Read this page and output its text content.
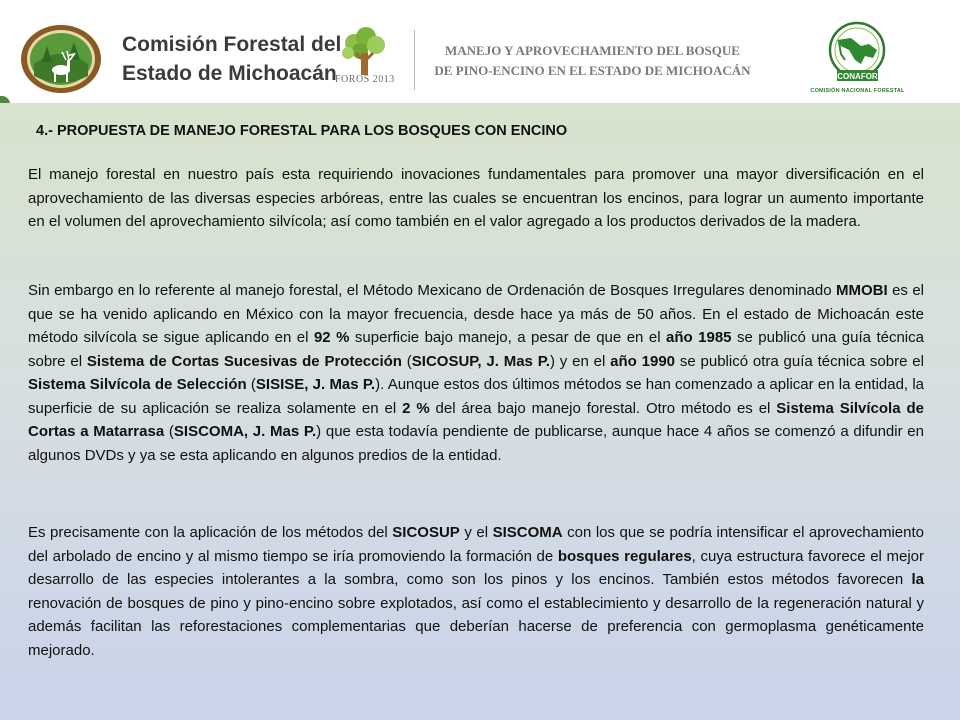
Comisión Forestal del
Estado de Michoacán
FOROS 2013
MANEJO Y APROVECHAMIENTO DEL BOSQUE
DE PINO-ENCINO EN EL ESTADO DE MICHOACÁN	CONAFOR
COMISIÓN NACIONAL FORESTAL
4.- PROPUESTA DE MANEJO FORESTAL PARA LOS BOSQUES CON ENCINO
El manejo forestal en nuestro país esta requiriendo inovaciones fundamentales para promover una mayor diversificación en el aprovechamiento de las diversas especies arbóreas, entre las cuales se encuentran los encinos, para lograr un aumento importante en el volumen del aprovechamiento silvícola; así como también en el valor agregado a los productos derivados de la madera.
Sin embargo en lo referente al manejo forestal, el Método Mexicano de Ordenación de Bosques Irregulares denominado MMOBI es el que se ha venido aplicando en México con la mayor frecuencia, desde hace ya más de 50 años. En el estado de Michoacán este método silvícola se sigue aplicando en el 92 % superficie bajo manejo, a pesar de que en el año 1985 se publicó una guía técnica sobre el Sistema de Cortas Sucesivas de Protección (SICOSUP, J. Mas P.) y en el año 1990 se publicó otra guía técnica sobre el Sistema Silvícola de Selección (SISISE, J. Mas P.). Aunque estos dos últimos métodos se han comenzado a aplicar en la entidad, la superficie de su aplicación se realiza solamente en el 2 % del área bajo manejo forestal. Otro método es el Sistema Silvícola de Cortas a Matarrasa (SISCOMA, J. Mas P.) que esta todavía pendiente de publicarse, aunque hace 4 años se comenzó a difundir en algunos DVDs y ya se esta aplicando en algunos predios de la entidad.
Es precisamente con la aplicación de los métodos del SICOSUP y el SISCOMA con los que se podría intensificar el aprovechamiento del arbolado de encino y al mismo tiempo se iría promoviendo la formación de bosques regulares, cuya estructura favorece el mejor desarrollo de las especies intolerantes a la sombra, como son los pinos y los encinos. También estos métodos favorecen la renovación de bosques de pino y pino-encino sobre explotados, así como el establecimiento y desarrollo de la regeneración natural y además facilitan las reforestaciones complementarias que deberían hacerse de preferencia con germoplasma genéticamente mejorado.
